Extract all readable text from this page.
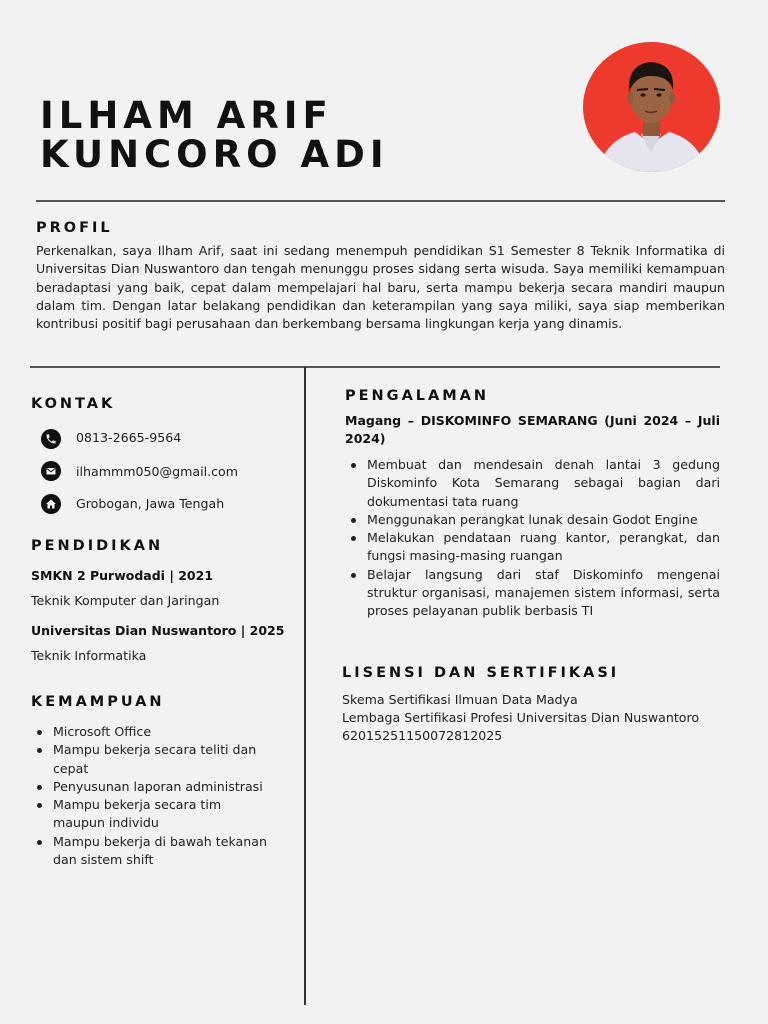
ILHAM ARIF
KUNCORO ADI
PROFIL
Perkenalkan, saya Ilham Arif, saat ini sedang menempuh pendidikan S1 Semester 8 Teknik Informatika di Universitas Dian Nuswantoro dan tengah menunggu proses sidang serta wisuda. Saya memiliki kemampuan beradaptasi yang baik, cepat dalam mempelajari hal baru, serta mampu bekerja secara mandiri maupun dalam tim. Dengan latar belakang pendidikan dan keterampilan yang saya miliki, saya siap memberikan kontribusi positif bagi perusahaan dan berkembang bersama lingkungan kerja yang dinamis.
KONTAK
0813-2665-9564
ilhammm050@gmail.com
Grobogan, Jawa Tengah
PENDIDIKAN
SMKN 2 Purwodadi | 2021
Teknik Komputer dan Jaringan
Universitas Dian Nuswantoro | 2025
Teknik Informatika
KEMAMPUAN
Microsoft Office
Mampu bekerja secara teliti dan cepat
Penyusunan laporan administrasi
Mampu bekerja secara tim maupun individu
Mampu bekerja di bawah tekanan dan sistem shift
PENGALAMAN
Magang – DISKOMINFO SEMARANG (Juni 2024 – Juli 2024)
Membuat dan mendesain denah lantai 3 gedung Diskominfo Kota Semarang sebagai bagian dari dokumentasi tata ruang
Menggunakan perangkat lunak desain Godot Engine
Melakukan pendataan ruang kantor, perangkat, dan fungsi masing-masing ruangan
Belajar langsung dari staf Diskominfo mengenai struktur organisasi, manajemen sistem informasi, serta proses pelayanan publik berbasis TI
LISENSI DAN SERTIFIKASI
Skema Sertifikasi Ilmuan Data Madya
Lembaga Sertifikasi Profesi Universitas Dian Nuswantoro
62015251150072812025
